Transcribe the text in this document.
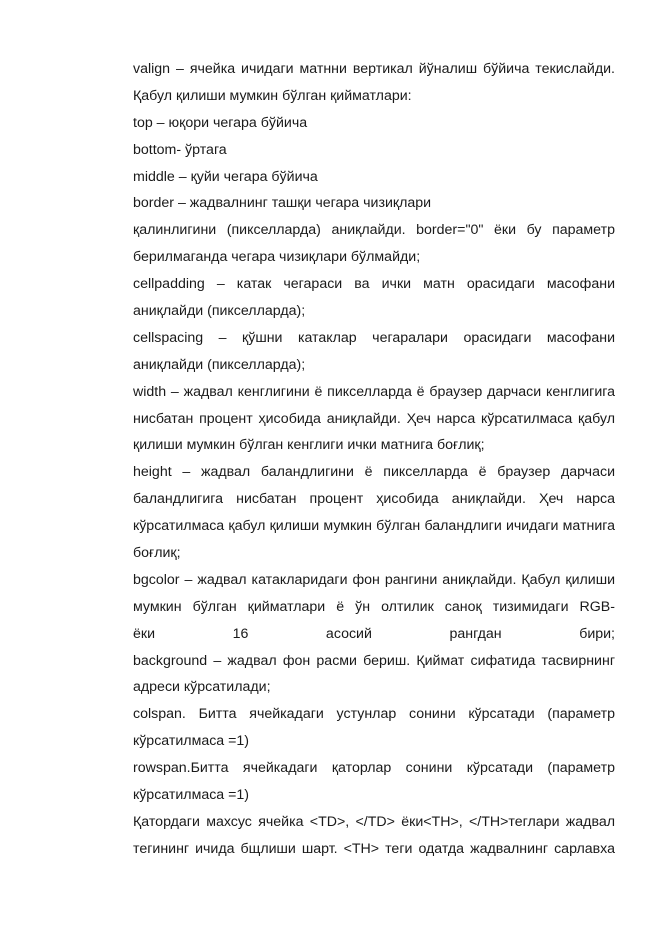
valign – ячейка ичидаги матнни вертикал йўналиш бўйича текислайди.
Қабул қилиши мумкин бўлган қийматлари:
top – юқори чегара бўйича
bottom- ўртага
middle – қуйи чегара бўйича
border – жадвалнинг ташқи чегара чизиқлари
қалинлигини (пикселларда) аниқлайди. border="0" ёки бу параметр
берилмаганда чегара чизиқлари бўлмайди;
cellpadding – катак чегараси ва ички матн орасидаги масофани
аниқлайди (пикселларда);
cellspacing – қўшни катаклар чегаралари орасидаги масофани
аниқлайди (пикселларда);
width – жадвал кенглигини ё пикселларда ё браузер дарчаси кенглигига
нисбатан процент ҳисобида аниқлайди. Ҳеч нарса кўрсатилмаса қабул
қилиши мумкин бўлган кенглиги ички матнига боғлиқ;
height – жадвал баландлигини ё пикселларда ё браузер дарчаси
баландлигига нисбатан процент ҳисобида аниқлайди. Ҳеч нарса
кўрсатилмаса қабул қилиши мумкин бўлган баландлиги ичидаги матнига
боғлиқ;
bgcolor – жадвал катакларидаги фон рангини аниқлайди. Қабул қилиши
мумкин бўлган қийматлари ё ўн олтилик саноқ тизимидаги RGB-
ёки 16 асосий рангдан бири;
background – жадвал фон расми бериш. Қиймат сифатида тасвирнинг
адреси кўрсатилади;
colspan. Битта ячейкадаги устунлар сонини кўрсатади (параметр
кўрсатилмаса =1)
rowspan.Битта ячейкадаги қаторлар сонини кўрсатади (параметр
кўрсатилмаса =1)
Қатордаги махсус ячейка <TD>, </TD> ёки<TH>, </TH>теглари жадвал
тегининг ичида бщлиши шарт. <TH> теги одатда жадвалнинг сарлавха
